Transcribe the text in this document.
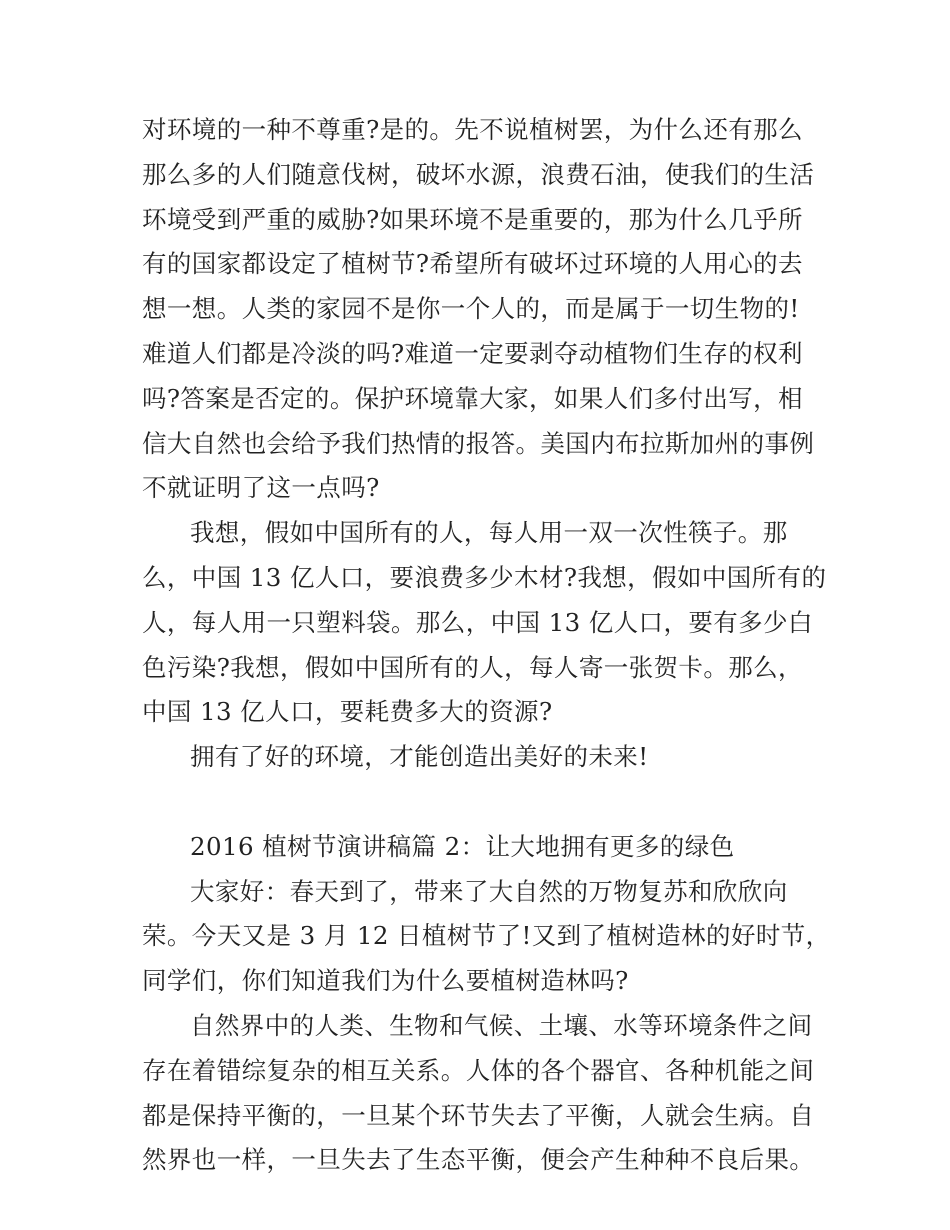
对环境的一种不尊重?是的。先不说植树罢，为什么还有那么
那么多的人们随意伐树，破坏水源，浪费石油，使我们的生活
环境受到严重的威胁?如果环境不是重要的，那为什么几乎所
有的国家都设定了植树节?希望所有破坏过环境的人用心的去
想一想。人类的家园不是你一个人的，而是属于一切生物的!
难道人们都是冷淡的吗?难道一定要剥夺动植物们生存的权利
吗?答案是否定的。保护环境靠大家，如果人们多付出写，相
信大自然也会给予我们热情的报答。美国内布拉斯加州的事例
不就证明了这一点吗?
我想，假如中国所有的人，每人用一双一次性筷子。那
么，中国 13 亿人口，要浪费多少木材?我想，假如中国所有的
人，每人用一只塑料袋。那么，中国 13 亿人口，要有多少白
色污染?我想，假如中国所有的人，每人寄一张贺卡。那么，
中国 13 亿人口，要耗费多大的资源?
拥有了好的环境，才能创造出美好的未来!
2016 植树节演讲稿篇 2：让大地拥有更多的绿色
大家好：春天到了，带来了大自然的万物复苏和欣欣向
荣。今天又是 3 月 12 日植树节了!又到了植树造林的好时节，
同学们，你们知道我们为什么要植树造林吗?
自然界中的人类、生物和气候、土壤、水等环境条件之间
存在着错综复杂的相互关系。人体的各个器官、各种机能之间
都是保持平衡的，一旦某个环节失去了平衡，人就会生病。自
然界也一样，一旦失去了生态平衡，便会产生种种不良后果。
